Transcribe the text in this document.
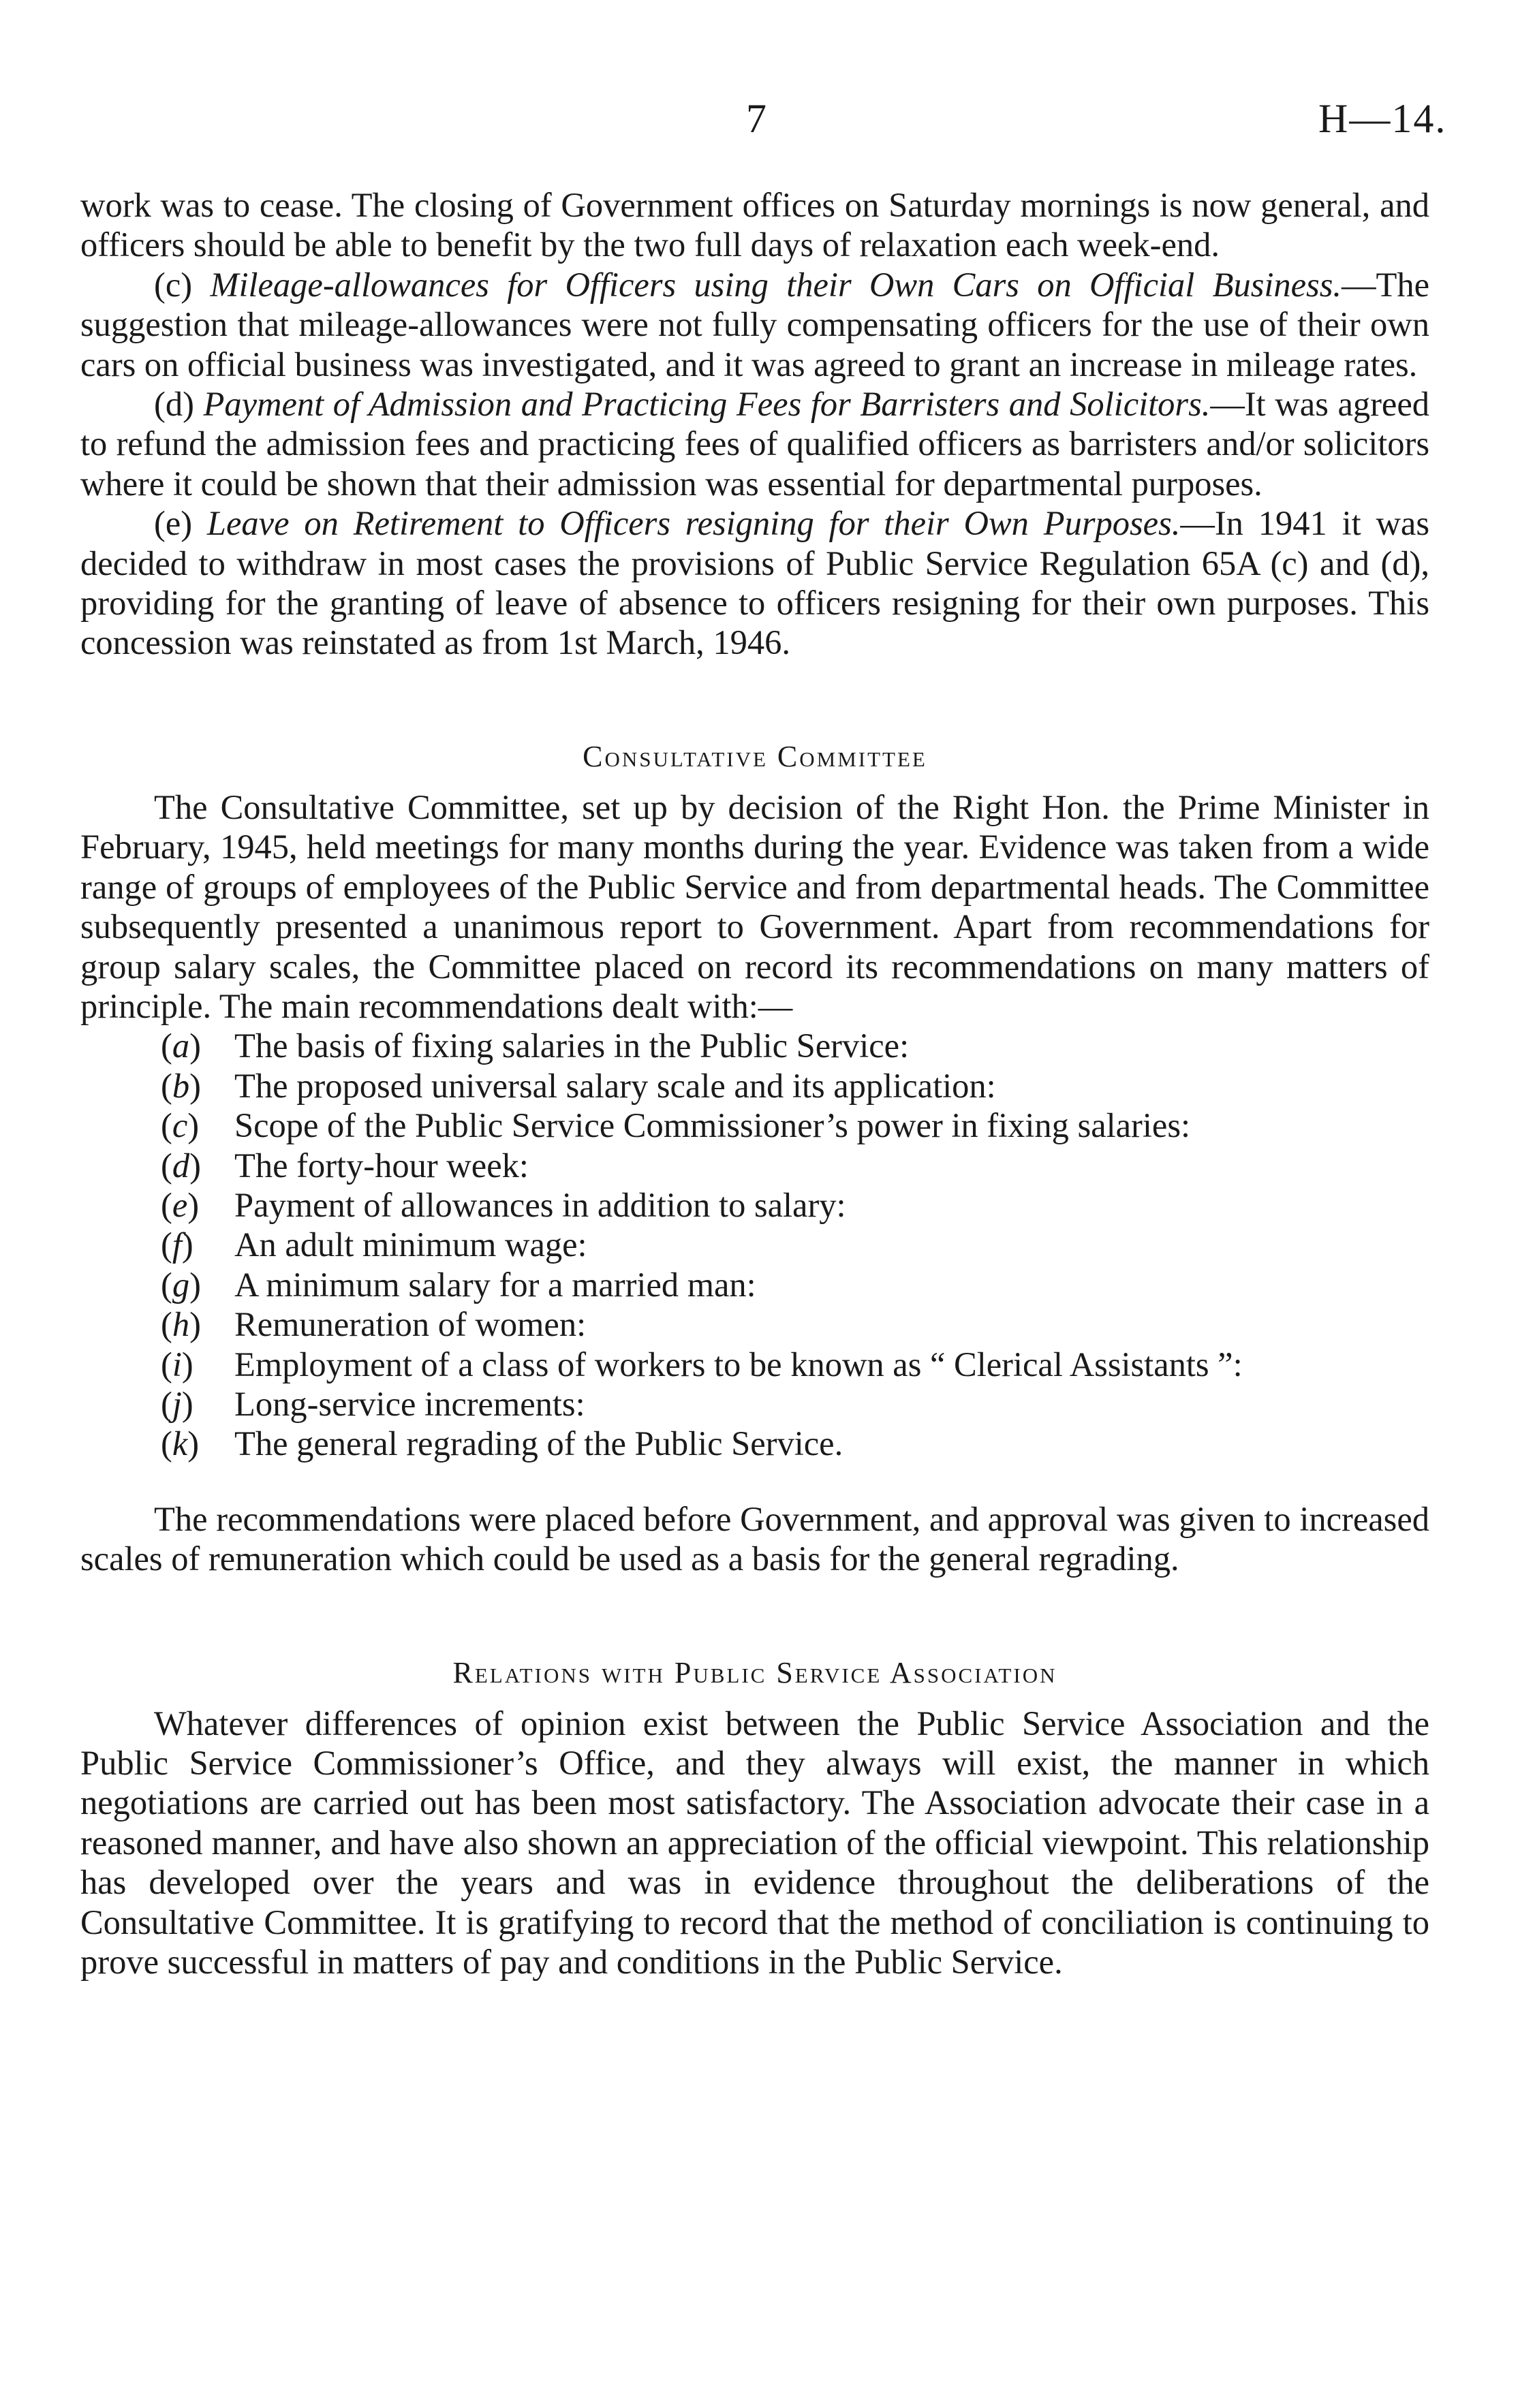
7	H—14.

work was to cease. The closing of Government offices on Saturday mornings is now general, and officers should be able to benefit by the two full days of relaxation each week-end.

(c) Mileage-allowances for Officers using their Own Cars on Official Business.—The suggestion that mileage-allowances were not fully compensating officers for the use of their own cars on official business was investigated, and it was agreed to grant an increase in mileage rates.

(d) Payment of Admission and Practicing Fees for Barristers and Solicitors.—It was agreed to refund the admission fees and practicing fees of qualified officers as barristers and/or solicitors where it could be shown that their admission was essential for departmental purposes.

(e) Leave on Retirement to Officers resigning for their Own Purposes.—In 1941 it was decided to withdraw in most cases the provisions of Public Service Regulation 65A (c) and (d), providing for the granting of leave of absence to officers resigning for their own purposes. This concession was reinstated as from 1st March, 1946.

Consultative Committee

The Consultative Committee, set up by decision of the Right Hon. the Prime Minister in February, 1945, held meetings for many months during the year. Evidence was taken from a wide range of groups of employees of the Public Service and from departmental heads. The Committee subsequently presented a unanimous report to Government. Apart from recommendations for group salary scales, the Committee placed on record its recommendations on many matters of principle. The main recommendations dealt with:—

(a) The basis of fixing salaries in the Public Service:
(b) The proposed universal salary scale and its application:
(c) Scope of the Public Service Commissioner’s power in fixing salaries:
(d) The forty-hour week:
(e) Payment of allowances in addition to salary:
(f) An adult minimum wage:
(g) A minimum salary for a married man:
(h) Remuneration of women:
(i) Employment of a class of workers to be known as “ Clerical Assistants ”:
(j) Long-service increments:
(k) The general regrading of the Public Service.

The recommendations were placed before Government, and approval was given to increased scales of remuneration which could be used as a basis for the general regrading.

Relations with Public Service Association

Whatever differences of opinion exist between the Public Service Association and the Public Service Commissioner’s Office, and they always will exist, the manner in which negotiations are carried out has been most satisfactory. The Association advocate their case in a reasoned manner, and have also shown an appreciation of the official viewpoint. This relationship has developed over the years and was in evidence throughout the deliberations of the Consultative Committee. It is gratifying to record that the method of conciliation is continuing to prove successful in matters of pay and conditions in the Public Service.
